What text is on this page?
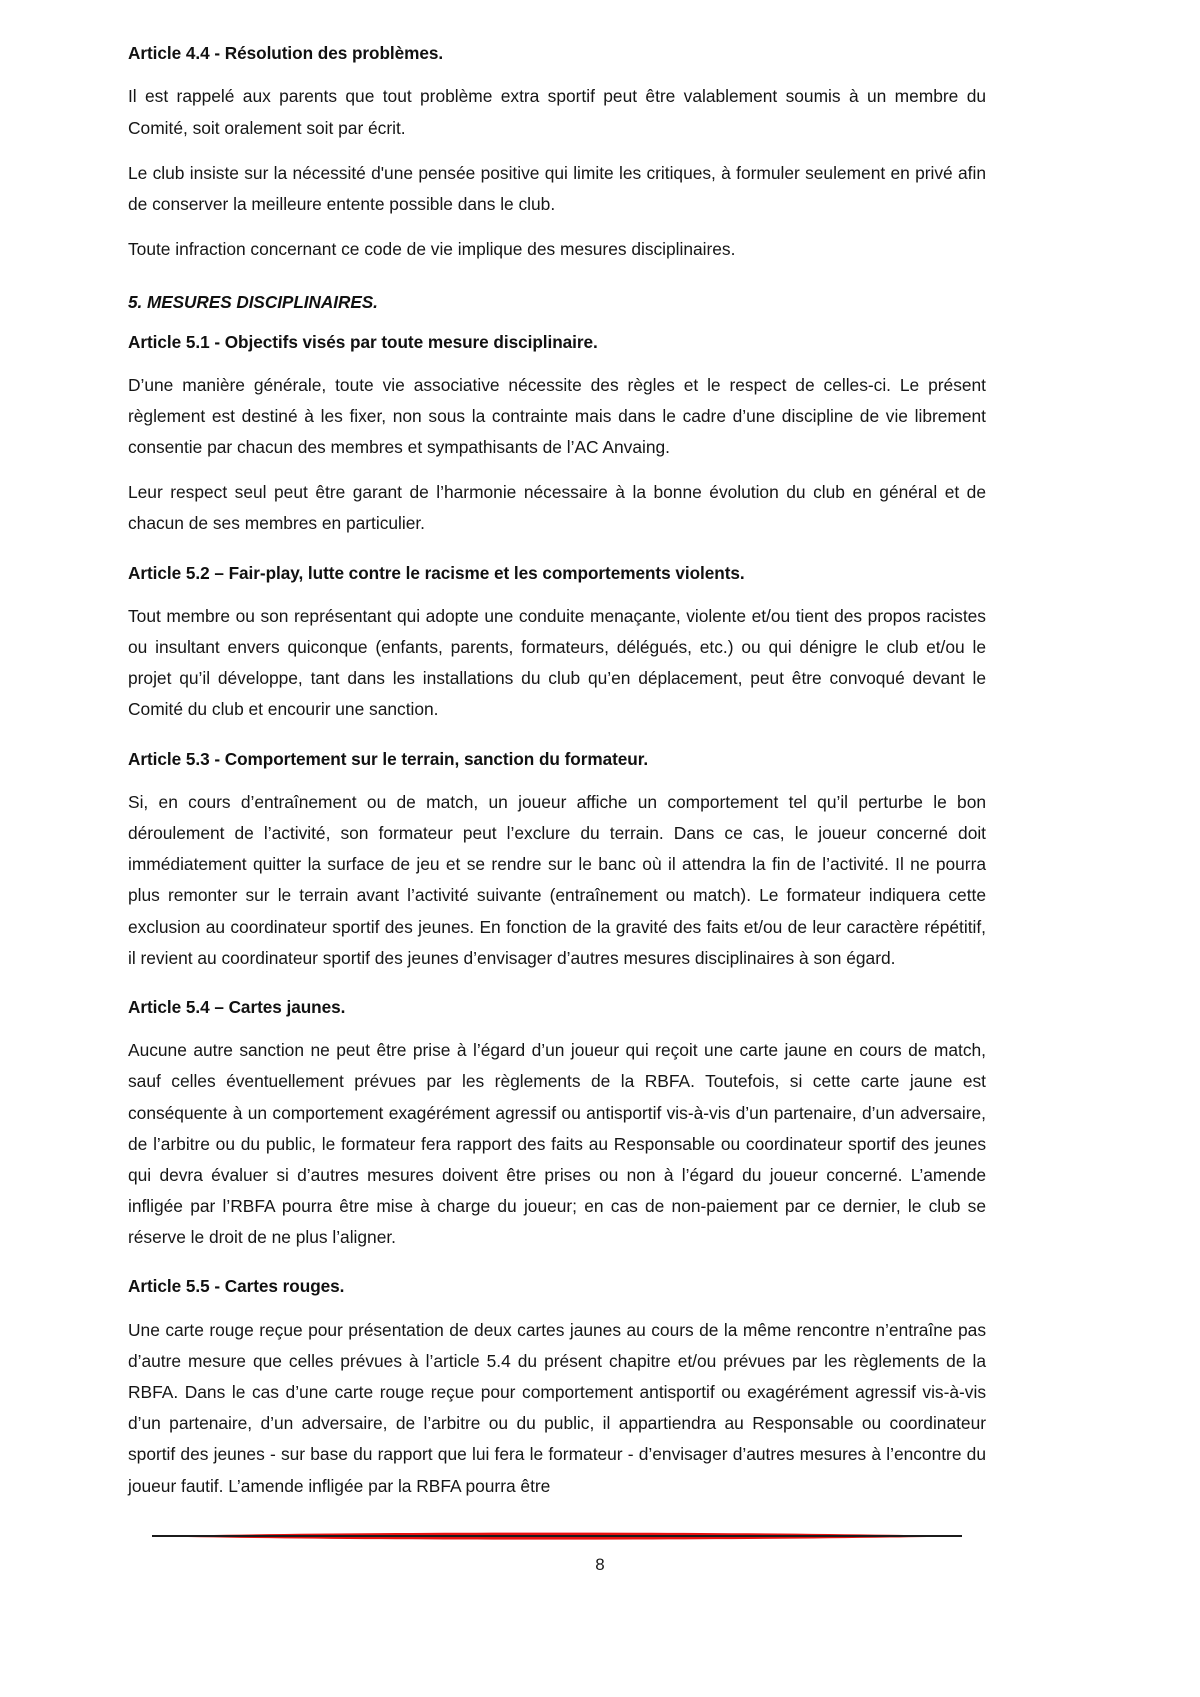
Article 4.4 - Résolution des problèmes.

Il est rappelé aux parents que tout problème extra sportif peut être valablement soumis à un membre du Comité, soit oralement soit par écrit.

Le club insiste sur la nécessité d'une pensée positive qui limite les critiques, à formuler seulement en privé afin de conserver la meilleure entente possible dans le club.

Toute infraction concernant ce code de vie implique des mesures disciplinaires.

5. MESURES DISCIPLINAIRES.
Article 5.1 - Objectifs visés par toute mesure disciplinaire.

D’une manière générale, toute vie associative nécessite des règles et le respect de celles-ci. Le présent règlement est destiné à les fixer, non sous la contrainte mais dans le cadre d’une discipline de vie librement consentie par chacun des membres et sympathisants de l’AC Anvaing.

Leur respect seul peut être garant de l’harmonie nécessaire à la bonne évolution du club en général et de chacun de ses membres en particulier.

Article 5.2 – Fair-play, lutte contre le racisme et les comportements violents.

Tout membre ou son représentant qui adopte une conduite menaçante, violente et/ou tient des propos racistes ou insultant envers quiconque (enfants, parents, formateurs, délégués, etc.) ou qui dénigre le club et/ou le projet qu’il développe, tant dans les installations du club qu’en déplacement, peut être convoqué devant le Comité du club et encourir une sanction.

Article 5.3 - Comportement sur le terrain, sanction du formateur.

Si, en cours d’entraînement ou de match, un joueur affiche un comportement tel qu’il perturbe le bon déroulement de l’activité, son formateur peut l’exclure du terrain. Dans ce cas, le joueur concerné doit immédiatement quitter la surface de jeu et se rendre sur le banc où il attendra la fin de l’activité. Il ne pourra plus remonter sur le terrain avant l’activité suivante (entraînement ou match). Le formateur indiquera cette exclusion au coordinateur sportif des jeunes. En fonction de la gravité des faits et/ou de leur caractère répétitif, il revient au coordinateur sportif des jeunes d’envisager d’autres mesures disciplinaires à son égard.

Article 5.4 – Cartes jaunes.

Aucune autre sanction ne peut être prise à l’égard d’un joueur qui reçoit une carte jaune en cours de match, sauf celles éventuellement prévues par les règlements de la RBFA. Toutefois, si cette carte jaune est conséquente à un comportement exagérément agressif ou antisportif vis-à-vis d’un partenaire, d’un adversaire, de l’arbitre ou du public, le formateur fera rapport des faits au Responsable ou coordinateur sportif des jeunes qui devra évaluer si d’autres mesures doivent être prises ou non à l’égard du joueur concerné. L’amende infligée par l’RBFA pourra être mise à charge du joueur; en cas de non-paiement par ce dernier, le club se réserve le droit de ne plus l’aligner.

Article 5.5 - Cartes rouges.

Une carte rouge reçue pour présentation de deux cartes jaunes au cours de la même rencontre n’entraîne pas d’autre mesure que celles prévues à l’article 5.4 du présent chapitre et/ou prévues par les règlements de la RBFA. Dans le cas d’une carte rouge reçue pour comportement antisportif ou exagérément agressif vis-à-vis d’un partenaire, d’un adversaire, de l’arbitre ou du public, il appartiendra au Responsable ou coordinateur sportif des jeunes - sur base du rapport que lui fera le formateur - d’envisager d’autres mesures à l’encontre du joueur fautif. L’amende infligée par la RBFA pourra être

8
